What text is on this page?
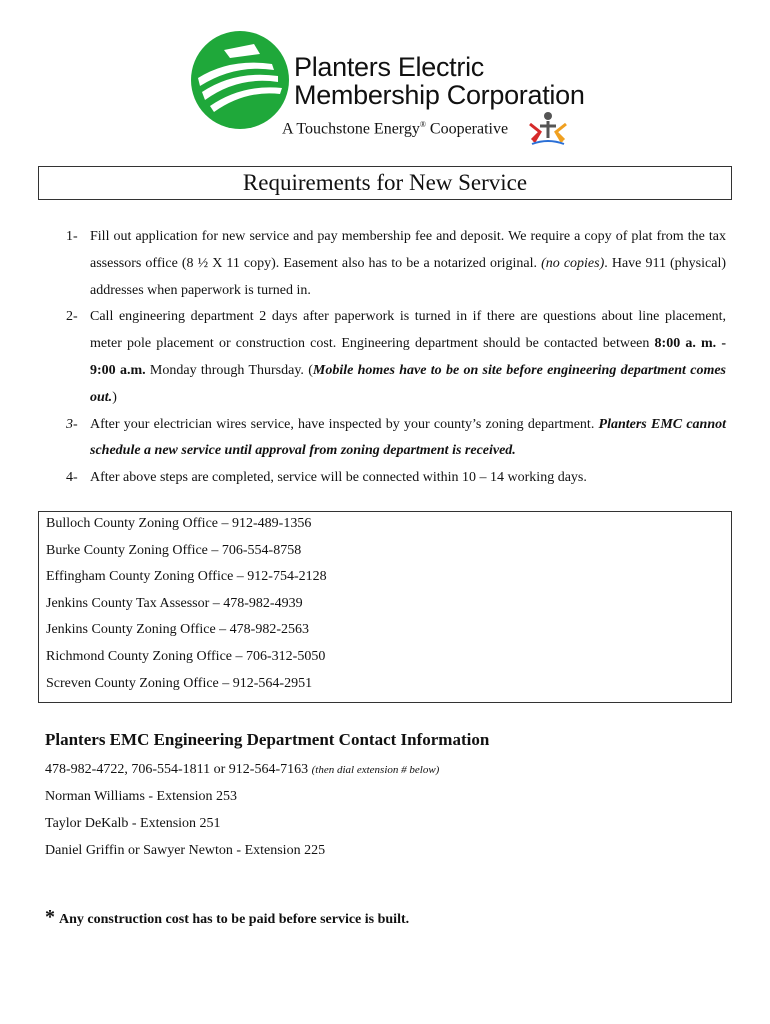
Planters Electric
Membership Corporation
A Touchstone Energy® Cooperative
Requirements for New Service
1- Fill out application for new service and pay membership fee and deposit. We require a copy of plat from the tax assessors office (8 ½ X 11 copy). Easement also has to be a notarized original. (no copies). Have 911 (physical) addresses when paperwork is turned in.
2- Call engineering department 2 days after paperwork is turned in if there are questions about line placement, meter pole placement or construction cost. Engineering department should be contacted between 8:00 a. m. - 9:00 a.m. Monday through Thursday. (Mobile homes have to be on site before engineering department comes out.)
3- After your electrician wires service, have inspected by your county’s zoning department. Planters EMC cannot schedule a new service until approval from zoning department is received.
4- After above steps are completed, service will be connected within 10 – 14 working days.
Bulloch County Zoning Office – 912-489-1356
Burke County Zoning Office – 706-554-8758
Effingham County Zoning Office – 912-754-2128
Jenkins County Tax Assessor – 478-982-4939
Jenkins County Zoning Office – 478-982-2563
Richmond County Zoning Office – 706-312-5050
Screven County Zoning Office – 912-564-2951
Planters EMC Engineering Department Contact Information
478-982-4722, 706-554-1811 or 912-564-7163 (then dial extension # below)
Norman Williams - Extension 253
Taylor DeKalb - Extension 251
Daniel Griffin or Sawyer Newton - Extension 225
* Any construction cost has to be paid before service is built.
